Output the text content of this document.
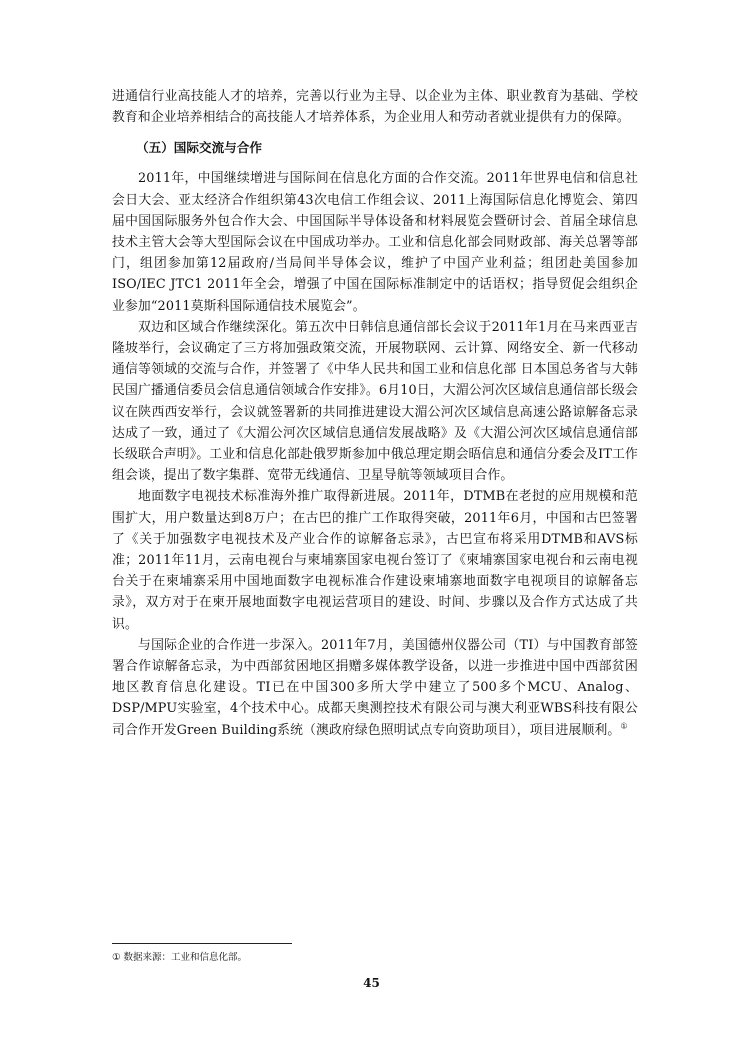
进通信行业高技能人才的培养，完善以行业为主导、以企业为主体、职业教育为基础、学校教育和企业培养相结合的高技能人才培养体系，为企业用人和劳动者就业提供有力的保障。

（五）国际交流与合作

2011年，中国继续增进与国际间在信息化方面的合作交流。2011年世界电信和信息社会日大会、亚太经济合作组织第43次电信工作组会议、2011上海国际信息化博览会、第四届中国国际服务外包合作大会、中国国际半导体设备和材料展览会暨研讨会、首届全球信息技术主管大会等大型国际会议在中国成功举办。工业和信息化部会同财政部、海关总署等部门，组团参加第12届政府/当局间半导体会议，维护了中国产业利益；组团赴美国参加ISO/IEC JTC1 2011年全会，增强了中国在国际标准制定中的话语权；指导贸促会组织企业参加“2011莫斯科国际通信技术展览会”。

双边和区域合作继续深化。第五次中日韩信息通信部长会议于2011年1月在马来西亚吉隆坡举行，会议确定了三方将加强政策交流，开展物联网、云计算、网络安全、新一代移动通信等领域的交流与合作，并签署了《中华人民共和国工业和信息化部 日本国总务省与大韩民国广播通信委员会信息通信领域合作安排》。6月10日，大湄公河次区域信息通信部长级会议在陕西西安举行，会议就签署新的共同推进建设大湄公河次区域信息高速公路谅解备忘录达成了一致，通过了《大湄公河次区域信息通信发展战略》及《大湄公河次区域信息通信部长级联合声明》。工业和信息化部赴俄罗斯参加中俄总理定期会晤信息和通信分委会及IT工作组会谈，提出了数字集群、宽带无线通信、卫星导航等领域项目合作。

地面数字电视技术标准海外推广取得新进展。2011年，DTMB在老挝的应用规模和范围扩大，用户数量达到8万户；在古巴的推广工作取得突破，2011年6月，中国和古巴签署了《关于加强数字电视技术及产业合作的谅解备忘录》，古巴宣布将采用DTMB和AVS标准；2011年11月，云南电视台与柬埔寨国家电视台签订了《柬埔寨国家电视台和云南电视台关于在柬埔寨采用中国地面数字电视标准合作建设柬埔寨地面数字电视项目的谅解备忘录》，双方对于在柬开展地面数字电视运营项目的建设、时间、步骤以及合作方式达成了共识。

与国际企业的合作进一步深入。2011年7月，美国德州仪器公司（TI）与中国教育部签署合作谅解备忘录，为中西部贫困地区捐赠多媒体教学设备，以进一步推进中国中西部贫困地区教育信息化建设。TI已在中国300多所大学中建立了500多个MCU、Analog、DSP/MPU实验室，4个技术中心。成都天奥测控技术有限公司与澳大利亚WBS科技有限公司合作开发Green Building系统（澳政府绿色照明试点专向资助项目），项目进展顺利。①

① 数据来源：工业和信息化部。
45
